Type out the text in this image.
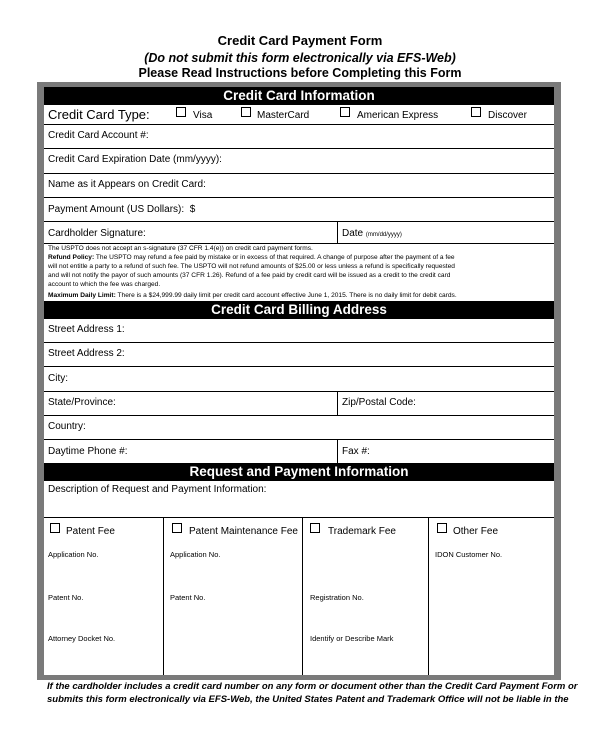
Credit Card Payment Form
(Do not submit this form electronically via EFS-Web)
Please Read Instructions before Completing this Form
Credit Card Information
Credit Card Type:	Visa	MasterCard	American Express	Discover
Credit Card Account #:
Credit Card Expiration Date (mm/yyyy):
Name as it Appears on Credit Card:
Payment Amount (US Dollars): $
Cardholder Signature:	Date (mm/dd/yyyy)
The USPTO does not accept an s-signature (37 CFR 1.4(e)) on credit card payment forms.
Refund Policy: The USPTO may refund a fee paid by mistake or in excess of that required. A change of purpose after the payment of a fee
will not entitle a party to a refund of such fee. The USPTO will not refund amounts of $25.00 or less unless a refund is specifically requested
and will not notify the payor of such amounts (37 CFR 1.26). Refund of a fee paid by credit card will be issued as a credit to the credit card
account to which the fee was charged.
Maximum Daily Limit: There is a $24,999.99 daily limit per credit card account effective June 1, 2015. There is no daily limit for debit cards.
Credit Card Billing Address
Street Address 1:
Street Address 2:
City:
State/Province:	Zip/Postal Code:
Country:
Daytime Phone #:	Fax #:
Request and Payment Information
Description of Request and Payment Information:
Patent Fee
Application No.
Patent No.
Attorney Docket No.
Patent Maintenance Fee
Application No.
Patent No.
Trademark Fee
Registration No.
Identify or Describe Mark
Other Fee
IDON Customer No.
If the cardholder includes a credit card number on any form or document other than the Credit Card Payment Form or
submits this form electronically via EFS-Web, the United States Patent and Trademark Office will not be liable in the
